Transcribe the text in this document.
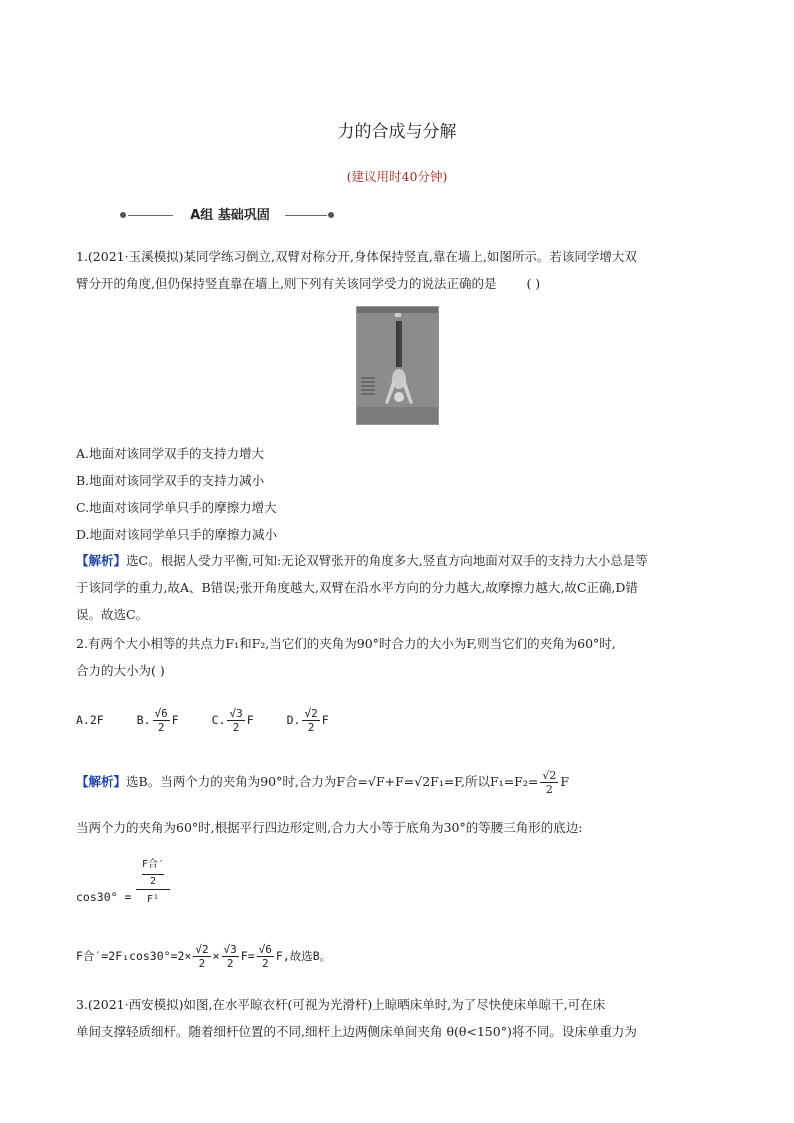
力的合成与分解
(建议用时40分钟)
A组 基础巩固
1.(2021·玉溪模拟)某同学练习倒立,双臂对称分开,身体保持竖直,靠在墙上,如图所示。若该同学增大双
臂分开的角度,但仍保持竖直靠在墙上,则下列有关该同学受力的说法正确的是 ( )
A.地面对该同学双手的支持力增大
B.地面对该同学双手的支持力减小
C.地面对该同学单只手的摩擦力增大
D.地面对该同学单只手的摩擦力减小
【解析】选C。根据人受力平衡,可知:无论双臂张开的角度多大,竖直方向地面对双手的支持力大小总是等
于该同学的重力,故A、B错误;张开角度越大,双臂在沿水平方向的分力越大,故摩擦力越大,故C正确,D错
误。故选C。
2.有两个大小相等的共点力F₁和F₂,当它们的夹角为90°时合力的大小为F,则当它们的夹角为60°时,
合力的大小为( )
A.2F	B. $\frac{√6}{2}$ F	C. $\frac{√3}{2}$ F	D. $\frac{√2}{2}$ F
【解析】选B。当两个力的夹角为90°时,合力为F合=√F+F=√2F₁=F,所以$F_1=F_2= \frac{√2}{2}$ F
当两个力的夹角为60°时,根据平行四边形定则,合力大小等于底角为30°的等腰三角形的底边:
cos30° =
F合′
2
F¹
F合$'=2F_1\cos 30^\circ=2\times \frac{√2}{2} \times \frac{√3}{2} F= \frac{√6}{2} F$,故选B。
3.(2021·西安模拟)如图,在水平晾衣杆(可视为光滑杆)上晾晒床单时,为了尽快使床单晾干,可在床
单间支撑轻质细杆。随着细杆位置的不同,细杆上边两侧床单间夹角 θ(θ<150°)将不同。设床单重力为
